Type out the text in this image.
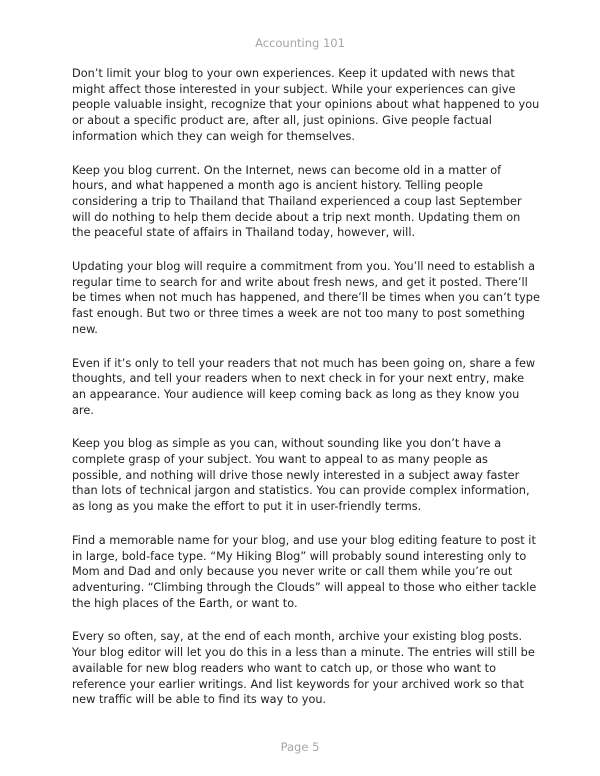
Accounting 101

Don’t limit your blog to your own experiences. Keep it updated with news that might affect those interested in your subject. While your experiences can give people valuable insight, recognize that your opinions about what happened to you or about a specific product are, after all, just opinions. Give people factual information which they can weigh for themselves.

Keep you blog current. On the Internet, news can become old in a matter of hours, and what happened a month ago is ancient history. Telling people considering a trip to Thailand that Thailand experienced a coup last September will do nothing to help them decide about a trip next month. Updating them on the peaceful state of affairs in Thailand today, however, will.

Updating your blog will require a commitment from you. You’ll need to establish a regular time to search for and write about fresh news, and get it posted. There’ll be times when not much has happened, and there’ll be times when you can’t type fast enough. But two or three times a week are not too many to post something new.

Even if it’s only to tell your readers that not much has been going on, share a few thoughts, and tell your readers when to next check in for your next entry, make an appearance. Your audience will keep coming back as long as they know you are.

Keep you blog as simple as you can, without sounding like you don’t have a complete grasp of your subject. You want to appeal to as many people as possible, and nothing will drive those newly interested in a subject away faster than lots of technical jargon and statistics. You can provide complex information, as long as you make the effort to put it in user-friendly terms.

Find a memorable name for your blog, and use your blog editing feature to post it in large, bold-face type. “My Hiking Blog” will probably sound interesting only to Mom and Dad and only because you never write or call them while you’re out adventuring. “Climbing through the Clouds” will appeal to those who either tackle the high places of the Earth, or want to.

Every so often, say, at the end of each month, archive your existing blog posts. Your blog editor will let you do this in a less than a minute. The entries will still be available for new blog readers who want to catch up, or those who want to reference your earlier writings. And list keywords for your archived work so that new traffic will be able to find its way to you.

Page 5
